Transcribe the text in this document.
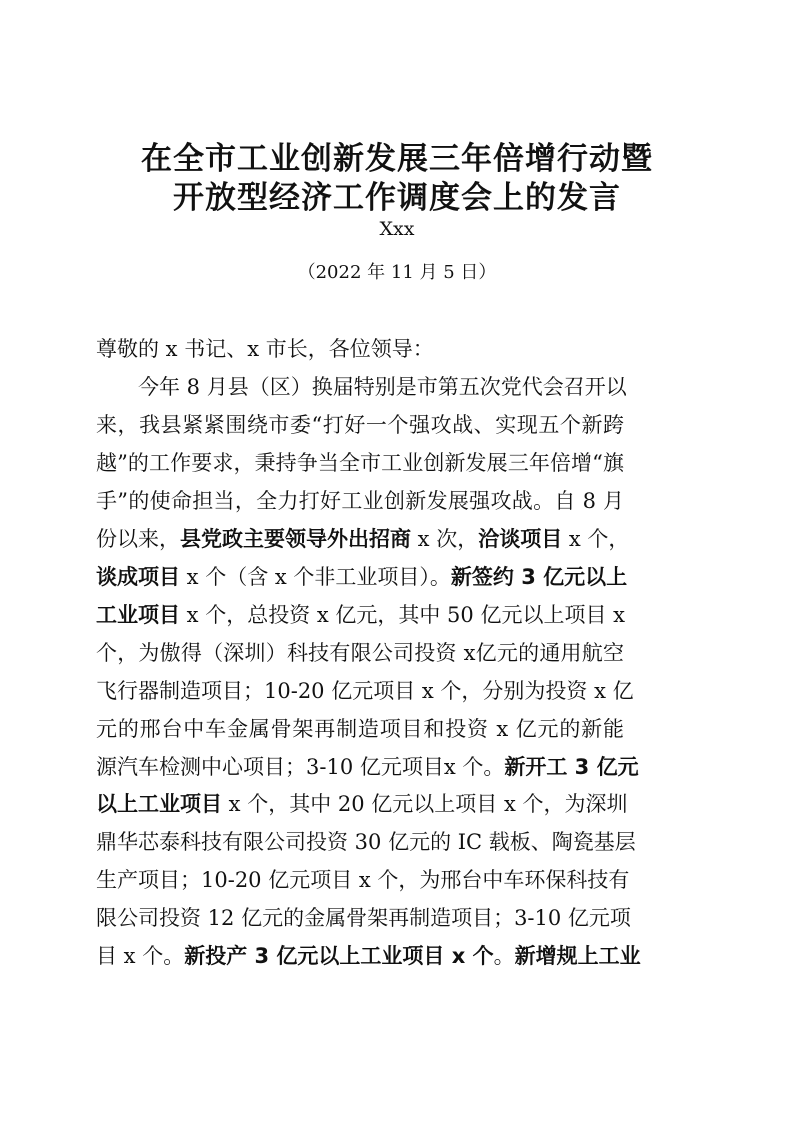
在全市工业创新发展三年倍增行动暨
开放型经济工作调度会上的发言
Xxx
（2022 年 11 月 5 日）
尊敬的 x 书记、x 市长，各位领导：
今年 8 月县（区）换届特别是市第五次党代会召开以
来，我县紧紧围绕市委“打好一个强攻战、实现五个新跨
越”的工作要求，秉持争当全市工业创新发展三年倍增“旗
手”的使命担当，全力打好工业创新发展强攻战。自 8 月
份以来，县党政主要领导外出招商 x 次，洽谈项目 x 个，
谈成项目 x 个（含 x 个非工业项目）。新签约 3 亿元以上
工业项目 x 个，总投资 x 亿元，其中 50 亿元以上项目 x
个，为傲得（深圳）科技有限公司投资 x亿元的通用航空
飞行器制造项目；10-20 亿元项目 x 个，分别为投资 x 亿
元的邢台中车金属骨架再制造项目和投资 x 亿元的新能
源汽车检测中心项目；3-10 亿元项目x 个。新开工 3 亿元
以上工业项目 x 个，其中 20 亿元以上项目 x 个，为深圳
鼎华芯泰科技有限公司投资 30 亿元的 IC 载板、陶瓷基层
生产项目；10-20 亿元项目 x 个，为邢台中车环保科技有
限公司投资 12 亿元的金属骨架再制造项目；3-10 亿元项
目 x 个。新投产 3 亿元以上工业项目 x 个。新增规上工业
